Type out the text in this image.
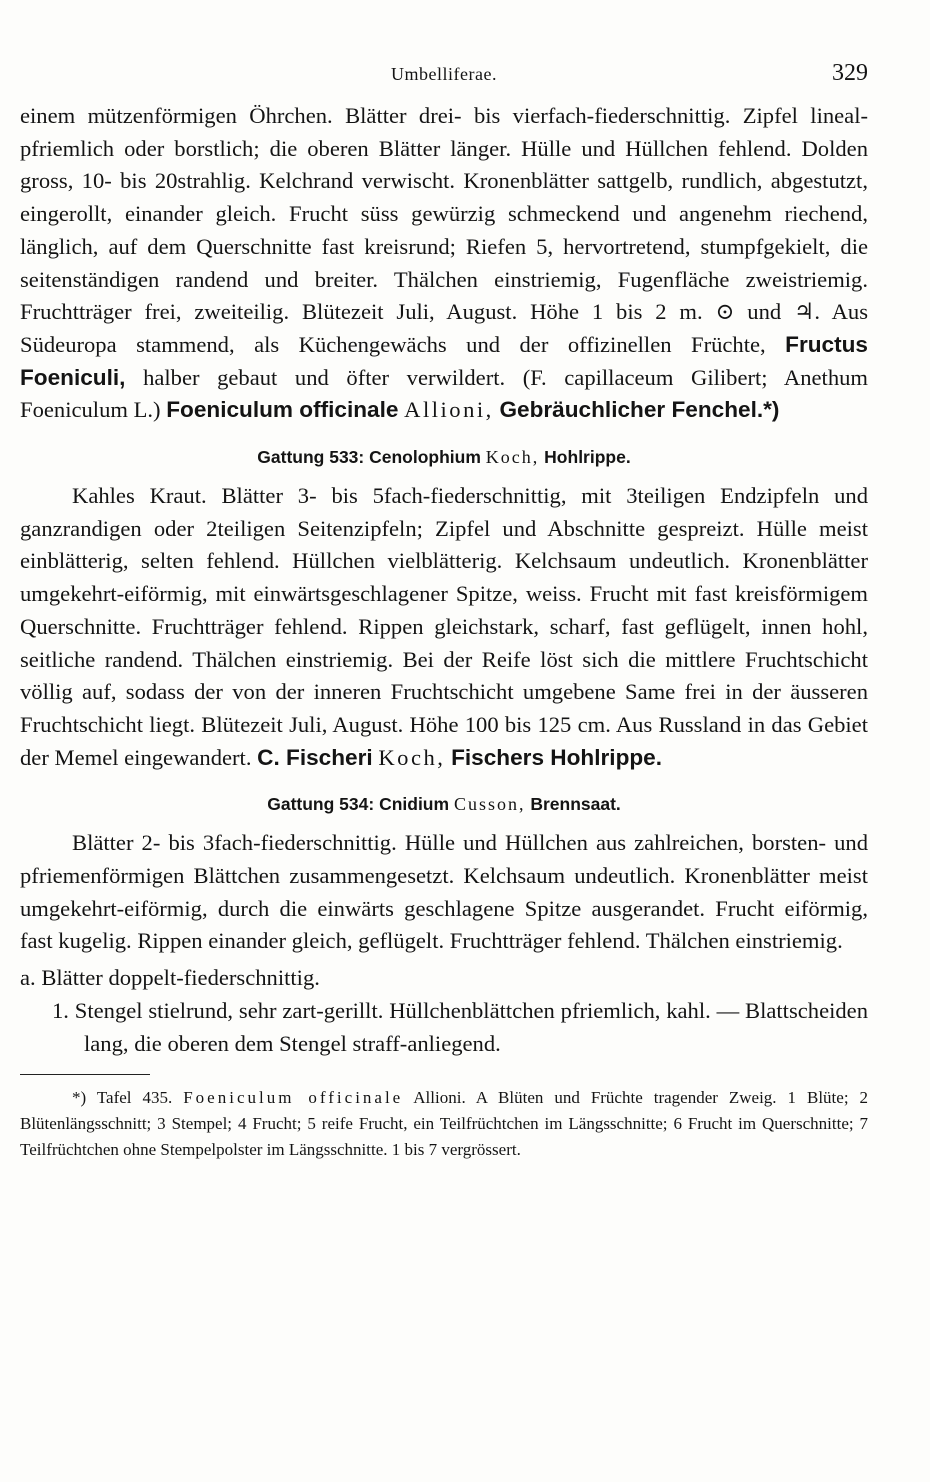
Umbelliferae.	329

einem mützenförmigen Öhrchen. Blätter drei- bis vierfach-fiederschnittig. Zipfel lineal-pfriemlich oder borstlich; die oberen Blätter länger. Hülle und Hüllchen fehlend. Dolden gross, 10- bis 20strahlig. Kelchrand verwischt. Kronenblätter sattgelb, rundlich, abgestutzt, eingerollt, einander gleich. Frucht süss gewürzig schmeckend und angenehm riechend, länglich, auf dem Querschnitte fast kreisrund; Riefen 5, hervortretend, stumpfgekielt, die seitenständigen randend und breiter. Thälchen einstriemig, Fugenfläche zweistriemig. Fruchtträger frei, zweiteilig. Blütezeit Juli, August. Höhe 1 bis 2 m. ⊙ und ♃. Aus Südeuropa stammend, als Küchengewächs und der offizinellen Früchte, Fructus Foeniculi, halber gebaut und öfter verwildert. (F. capillaceum Gilibert; Anethum Foeniculum L.) Foeniculum officinale Allioni, Gebräuchlicher Fenchel.*)

Gattung 533: Cenolophium Koch, Hohlrippe.

Kahles Kraut. Blätter 3- bis 5fach-fiederschnittig, mit 3teiligen Endzipfeln und ganzrandigen oder 2teiligen Seitenzipfeln; Zipfel und Abschnitte gespreizt. Hülle meist einblätterig, selten fehlend. Hüllchen vielblätterig. Kelchsaum undeutlich. Kronenblätter umgekehrt-eiförmig, mit einwärtsgeschlagener Spitze, weiss. Frucht mit fast kreisförmigem Querschnitte. Fruchtträger fehlend. Rippen gleichstark, scharf, fast geflügelt, innen hohl, seitliche randend. Thälchen einstriemig. Bei der Reife löst sich die mittlere Fruchtschicht völlig auf, sodass der von der inneren Fruchtschicht umgebene Same frei in der äusseren Fruchtschicht liegt. Blütezeit Juli, August. Höhe 100 bis 125 cm. Aus Russland in das Gebiet der Memel eingewandert. C. Fischeri Koch, Fischers Hohlrippe.

Gattung 534: Cnidium Cusson, Brennsaat.

Blätter 2- bis 3fach-fiederschnittig. Hülle und Hüllchen aus zahlreichen, borsten- und pfriemenförmigen Blättchen zusammengesetzt. Kelchsaum undeutlich. Kronenblätter meist umgekehrt-eiförmig, durch die einwärts geschlagene Spitze ausgerandet. Frucht eiförmig, fast kugelig. Rippen einander gleich, geflügelt. Fruchtträger fehlend. Thälchen einstriemig.

a. Blätter doppelt-fiederschnittig.

1. Stengel stielrund, sehr zart-gerillt. Hüllchenblättchen pfriemlich, kahl. — Blattscheiden lang, die oberen dem Stengel straff-anliegend.

*) Tafel 435. Foeniculum officinale Allioni. A Blüten und Früchte tragender Zweig. 1 Blüte; 2 Blütenlängsschnitt; 3 Stempel; 4 Frucht; 5 reife Frucht, ein Teilfrüchtchen im Längsschnitte; 6 Frucht im Querschnitte; 7 Teilfrüchtchen ohne Stempelpolster im Längsschnitte. 1 bis 7 vergrössert.
